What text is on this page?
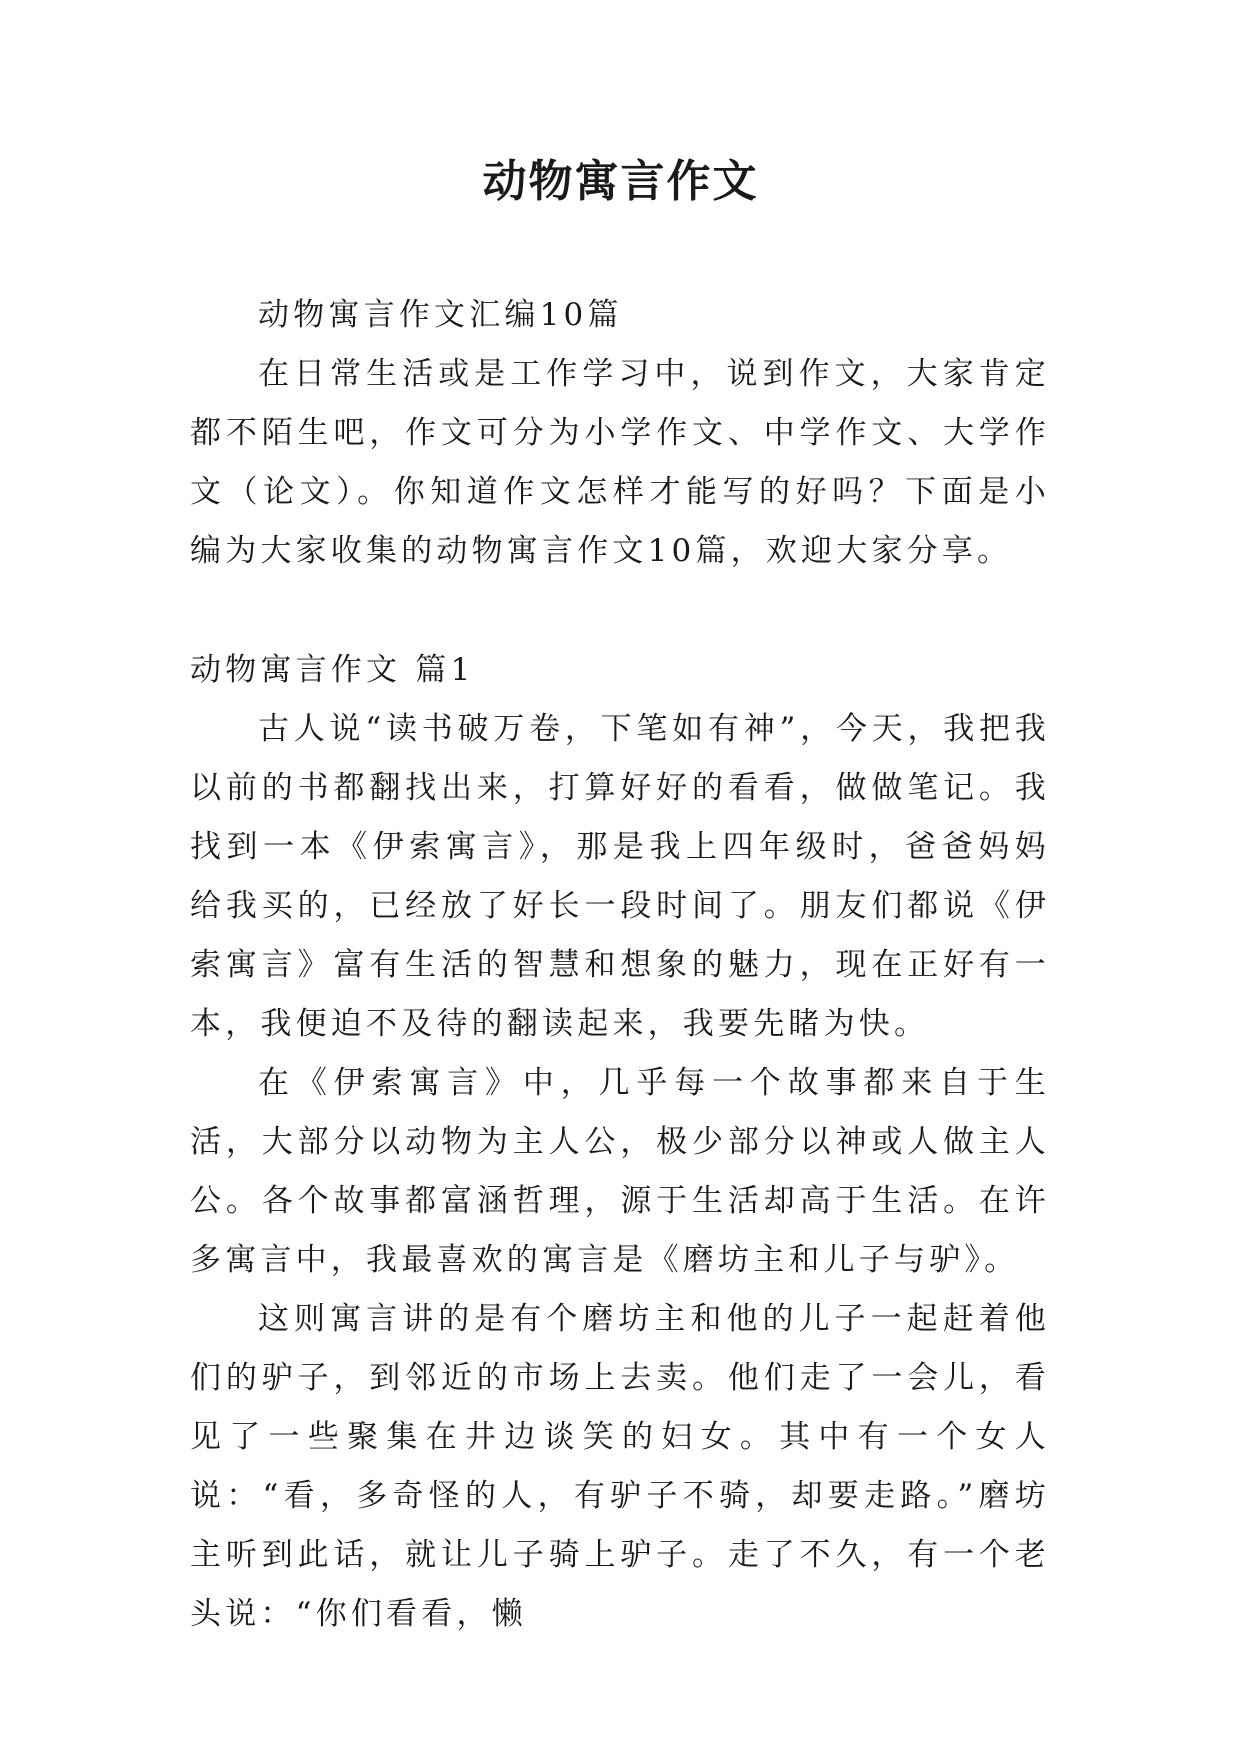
动物寓言作文

动物寓言作文汇编10篇

在日常生活或是工作学习中，说到作文，大家肯定都不陌生吧，作文可分为小学作文、中学作文、大学作文（论文）。你知道作文怎样才能写的好吗？下面是小编为大家收集的动物寓言作文10篇，欢迎大家分享。

动物寓言作文 篇1

古人说“读书破万卷，下笔如有神”，今天，我把我以前的书都翻找出来，打算好好的看看，做做笔记。我找到一本《伊索寓言》，那是我上四年级时，爸爸妈妈给我买的，已经放了好长一段时间了。朋友们都说《伊索寓言》富有生活的智慧和想象的魅力，现在正好有一本，我便迫不及待的翻读起来，我要先睹为快。

在《伊索寓言》中，几乎每一个故事都来自于生活，大部分以动物为主人公，极少部分以神或人做主人公。各个故事都富涵哲理，源于生活却高于生活。在许多寓言中，我最喜欢的寓言是《磨坊主和儿子与驴》。

这则寓言讲的是有个磨坊主和他的儿子一起赶着他们的驴子，到邻近的市场上去卖。他们走了一会儿，看见了一些聚集在井边谈笑的妇女。其中有一个女人说：“看，多奇怪的人，有驴子不骑，却要走路。”磨坊主听到此话，就让儿子骑上驴子。走了不久，有一个老头说：“你们看看，懒
